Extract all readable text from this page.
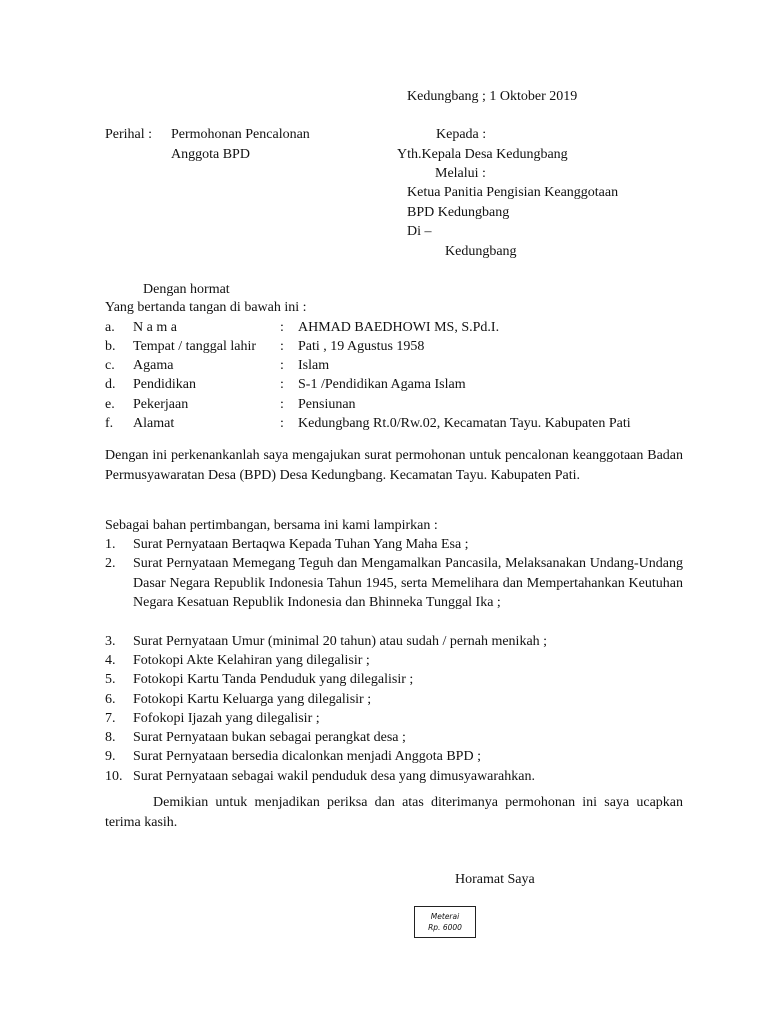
Kedungbang ; 1 Oktober 2019
Perihal : Permohonan Pencalonan
Anggota BPD
Kepada :
Yth.Kepala Desa Kedungbang
Melalui :
Ketua Panitia Pengisian Keanggotaan
BPD Kedungbang
Di –
Kedungbang
Dengan hormat
Yang bertanda tangan di bawah ini :
a. N a m a	: AHMAD BAEDHOWI MS, S.Pd.I.
b. Tempat / tanggal lahir : Pati , 19 Agustus 1958
c. Agama	: Islam
d. Pendidikan	: S-1 /Pendidikan Agama Islam
e. Pekerjaan	: Pensiunan
f. Alamat	: Kedungbang Rt.0/Rw.02, Kecamatan Tayu. Kabupaten Pati

Dengan ini perkenankanlah saya mengajukan surat permohonan untuk pencalonan keanggotaan Badan Permusyawaratan Desa (BPD) Desa Kedungbang. Kecamatan Tayu. Kabupaten Pati.

Sebagai bahan pertimbangan, bersama ini kami lampirkan :
1. Surat Pernyataan Bertaqwa Kepada Tuhan Yang Maha Esa ;
2. Surat Pernyataan Memegang Teguh dan Mengamalkan Pancasila, Melaksanakan Undang-Undang Dasar Negara Republik Indonesia Tahun 1945, serta Memelihara dan Mempertahankan Keutuhan Negara Kesatuan Republik Indonesia dan Bhinneka Tunggal Ika ;
3. Surat Pernyataan Umur (minimal 20 tahun) atau sudah / pernah menikah ;
4. Fotokopi Akte Kelahiran yang dilegalisir ;
5. Fotokopi Kartu Tanda Penduduk yang dilegalisir ;
6. Fotokopi Kartu Keluarga yang dilegalisir ;
7. Fofokopi Ijazah yang dilegalisir ;
8. Surat Pernyataan bukan sebagai perangkat desa ;
9. Surat Pernyataan bersedia dicalonkan menjadi Anggota BPD ;
10. Surat Pernyataan sebagai wakil penduduk desa yang dimusyawarahkan.

Demikian untuk menjadikan periksa dan atas diterimanya permohonan ini saya ucapkan terima kasih.

Horamat Saya
Meterai
Rp. 6000
